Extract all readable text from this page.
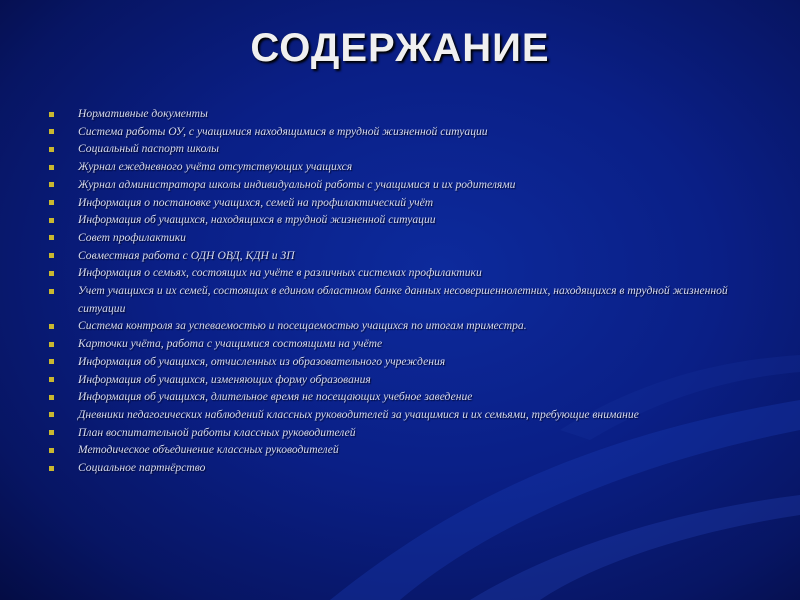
СОДЕРЖАНИЕ
Нормативные документы
Система работы ОУ, с учащимися находящимися в трудной жизненной ситуации
Социальный паспорт школы
Журнал ежедневного учёта отсутствующих учащихся
Журнал администратора школы индивидуальной работы с учащимися и их родителями
Информация о постановке учащихся, семей на профилактический учёт
Информация об учащихся, находящихся в трудной жизненной ситуации
Совет профилактики
Совместная работа с ОДН ОВД, КДН и ЗП
Информация о семьях, состоящих на учёте в различных системах профилактики
Учет учащихся и их семей, состоящих в едином областном банке данных несовершеннолетних, находящихся в трудной жизненной ситуации
Система контроля за успеваемостью и посещаемостью учащихся по итогам триместра.
Карточки учёта, работа с учащимися состоящими на учёте
Информация об учащихся, отчисленных из образовательного учреждения
Информация об учащихся, изменяющих форму образования
Информация об учащихся, длительное время не посещающих учебное заведение
Дневники педагогических наблюдений классных руководителей за учащимися и их семьями, требующие внимание
План воспитательной работы классных руководителей
Методическое объединение классных руководителей
Социальное партнёрство
